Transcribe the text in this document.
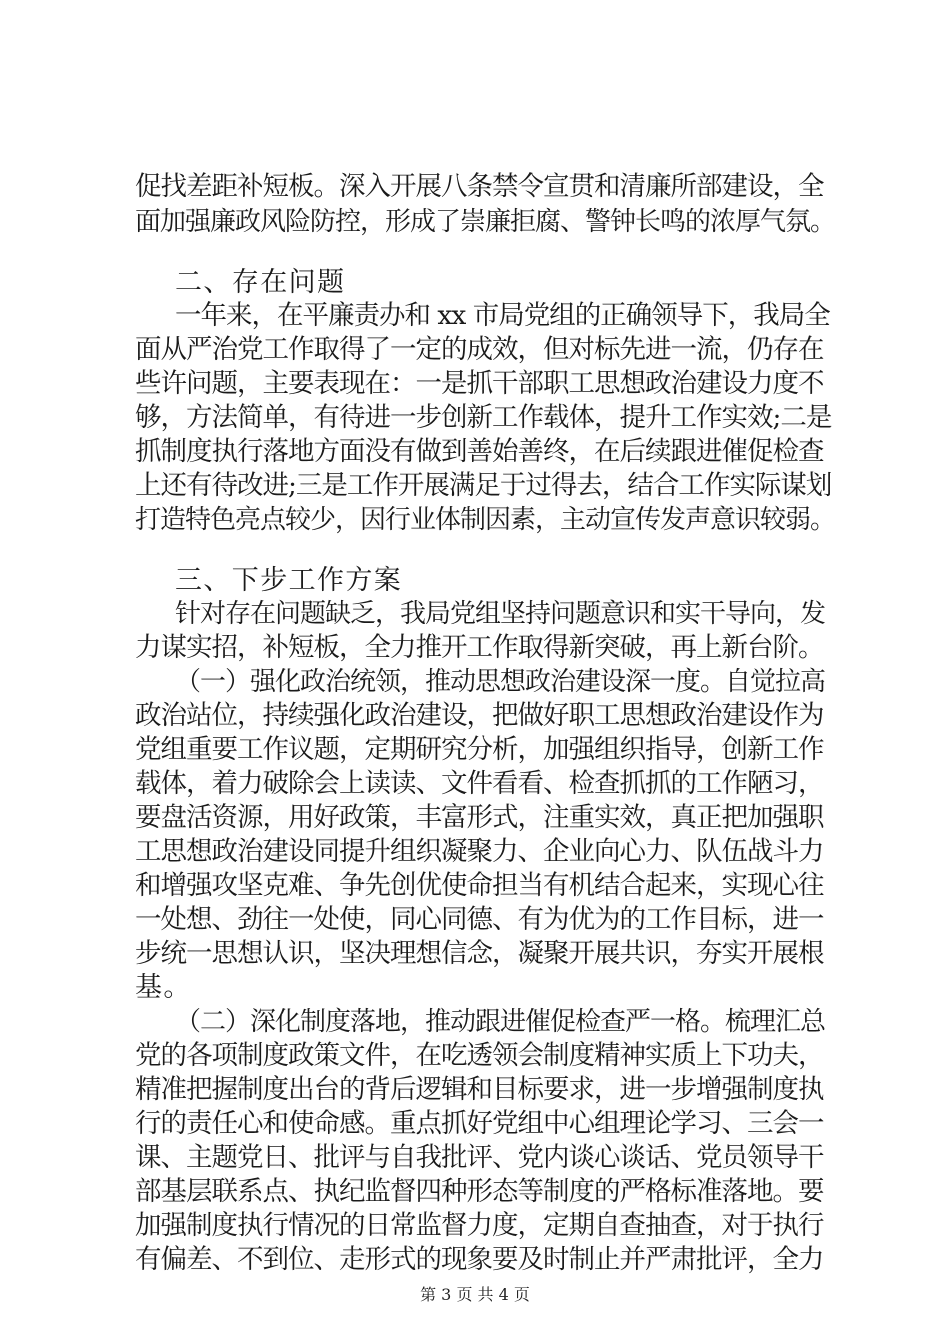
促找差距补短板。深入开展八条禁令宣贯和清廉所部建设，全
面加强廉政风险防控，形成了崇廉拒腐、警钟长鸣的浓厚气氛。
二、存在问题
一年来，在平廉责办和 xx 市局党组的正确领导下，我局全
面从严治党工作取得了一定的成效，但对标先进一流，仍存在
些许问题，主要表现在：一是抓干部职工思想政治建设力度不
够，方法简单，有待进一步创新工作载体，提升工作实效;二是
抓制度执行落地方面没有做到善始善终，在后续跟进催促检查
上还有待改进;三是工作开展满足于过得去，结合工作实际谋划
打造特色亮点较少，因行业体制因素，主动宣传发声意识较弱。
三、下步工作方案
针对存在问题缺乏，我局党组坚持问题意识和实干导向，发
力谋实招，补短板，全力推开工作取得新突破，再上新台阶。
（一）强化政治统领，推动思想政治建设深一度。自觉拉高
政治站位，持续强化政治建设，把做好职工思想政治建设作为
党组重要工作议题，定期研究分析，加强组织指导，创新工作
载体，着力破除会上读读、文件看看、检查抓抓的工作陋习，
要盘活资源，用好政策，丰富形式，注重实效，真正把加强职
工思想政治建设同提升组织凝聚力、企业向心力、队伍战斗力
和增强攻坚克难、争先创优使命担当有机结合起来，实现心往
一处想、劲往一处使，同心同德、有为优为的工作目标，进一
步统一思想认识，坚决理想信念，凝聚开展共识，夯实开展根
基。
（二）深化制度落地，推动跟进催促检查严一格。梳理汇总
党的各项制度政策文件，在吃透领会制度精神实质上下功夫，
精准把握制度出台的背后逻辑和目标要求，进一步增强制度执
行的责任心和使命感。重点抓好党组中心组理论学习、三会一
课、主题党日、批评与自我批评、党内谈心谈话、党员领导干
部基层联系点、执纪监督四种形态等制度的严格标准落地。要
加强制度执行情况的日常监督力度，定期自查抽查，对于执行
有偏差、不到位、走形式的现象要及时制止并严肃批评，全力
第 3 页 共 4 页
